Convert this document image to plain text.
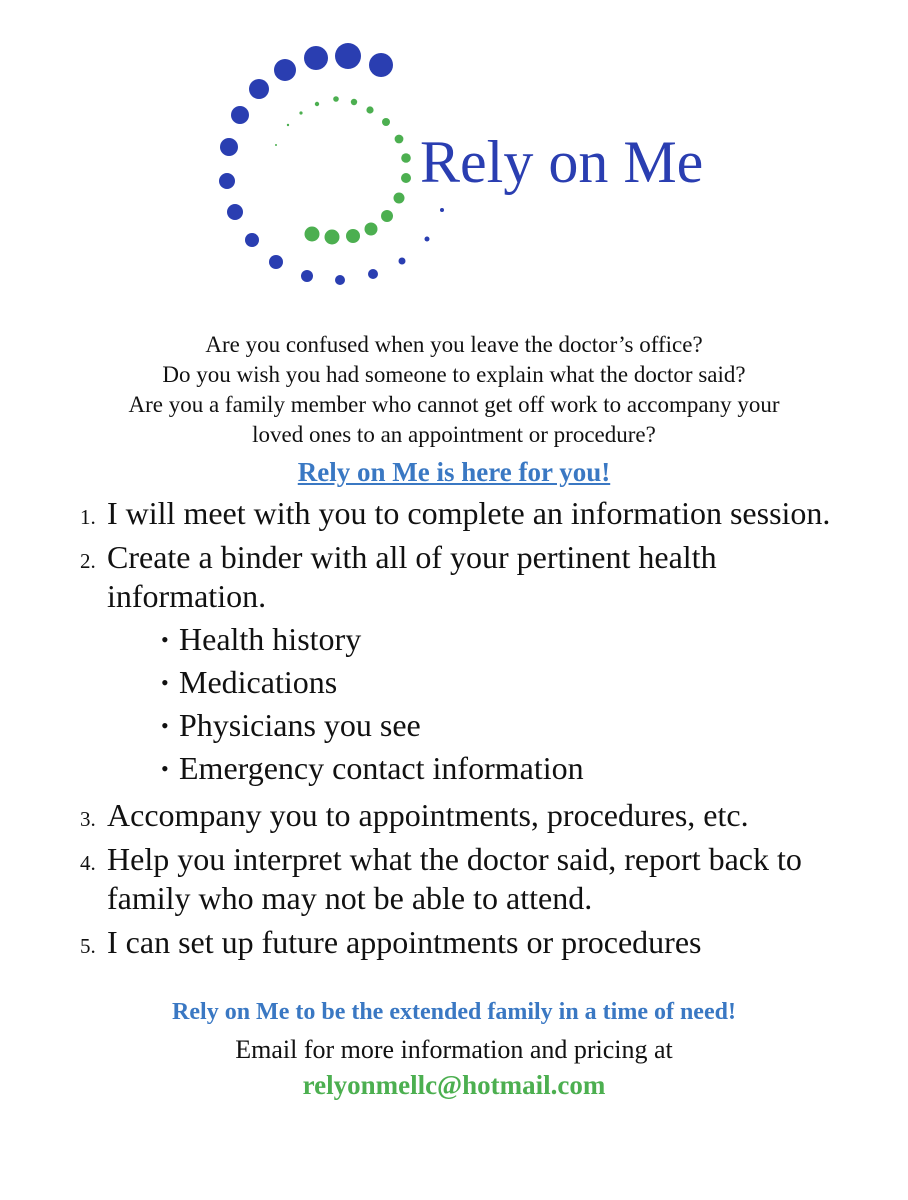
Rely on Me
Are you confused when you leave the doctor’s office?
Do you wish you had someone to explain what the doctor said?
Are you a family member who cannot get off work to accompany your
loved ones to an appointment or procedure?
Rely on Me is here for you!
1. I will meet with you to complete an information session.
2. Create a binder with all of your pertinent health information.
• Health history
• Medications
• Physicians you see
• Emergency contact information
3. Accompany you to appointments, procedures, etc.
4. Help you interpret what the doctor said, report back to family who may not be able to attend.
5. I can set up future appointments or procedures
Rely on Me to be the extended family in a time of need!
Email for more information and pricing at
relyonmellc@hotmail.com
